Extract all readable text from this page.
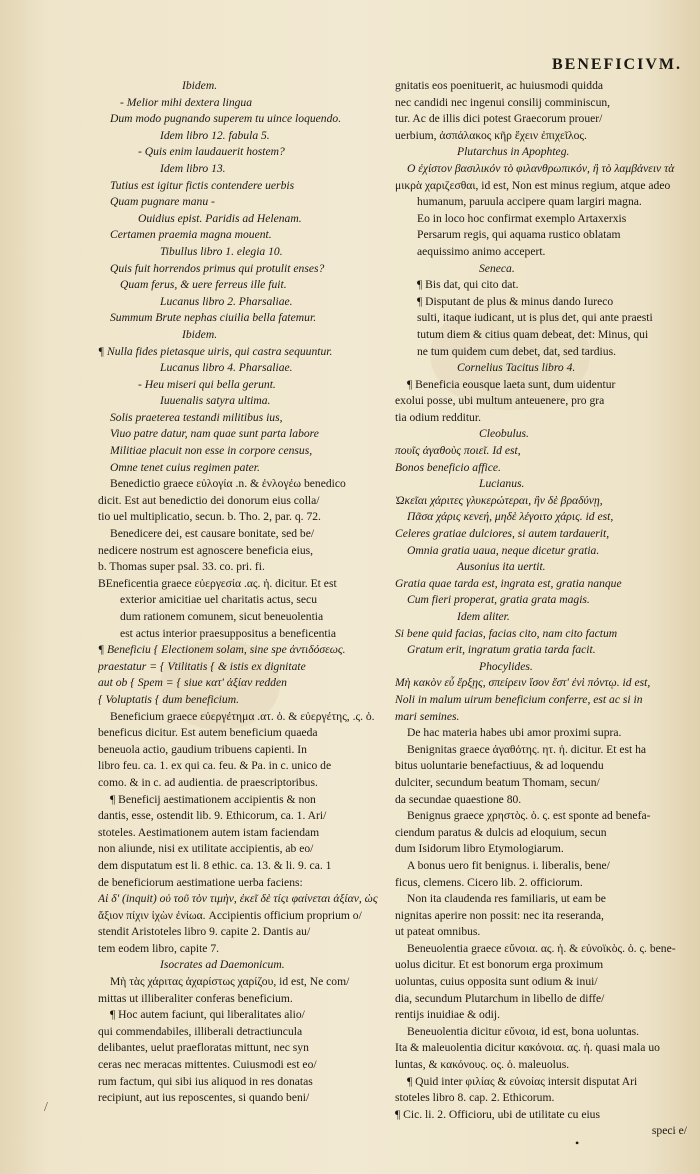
BENEFICIVM.
Ibidem.
- Melior mihi dextera lingua
Dum modo pugnando superem tu uince loquendo.
Idem libro 12. fabula 5.
- Quis enim laudauerit hostem?
Idem libro 13.
Tutius est igitur fictis contendere uerbis
Quam pugnare manu -
Ouidius epist. Paridis ad Helenam.
Certamen praemia magna mouent.
Tibullus libro 1. elegia 10.
Quis fuit horrendos primus qui protulit enses?
Quam ferus, & uere ferreus ille fuit.
Lucanus libro 2. Pharsaliae.
Summum Brute nephas ciuilia bella fatemur.
Ibidem.
¶ Nulla fides pietasque uiris, qui castra sequuntur.
Lucanus libro 4. Pharsaliae.
- Heu miseri qui bella gerunt.
Iuuenalis satyra ultima.
Solis praeterea testandi militibus ius,
Viuo patre datur, nam quae sunt parta labore
Militiae placuit non esse in corpore census,
Omne tenet cuius regimen pater.
Benedictio graece εὐλογία .n. & ἐνλογέω benedico
dicit. Est aut benedictio dei donorum eius colla/
tio uel multiplicatio, secun. b. Tho. 2, par. q. 72.
Benedicere dei, est causare bonitate, sed be/
nedicere nostrum est agnoscere beneficia eius,
b. Thomas super psal. 33. co. pri. fi.
BEneficentia graece εὐεργεσία .ας. ἡ. dicitur. Et est
exterior amicitiae uel charitatis actus, secu
dum rationem comunem, sicut beneuolentia
est actus interior praesuppositus a beneficentia
¶ Beneficiu { Electionem solam, sine spe ἀντιδόσεως.
praestatur = { Vtilitatis { & istis ex dignitate
aut ob { Spem = { siue κατ' ἀξίαν redden
{ Voluptatis { dum beneficium.
Beneficium graece εὐεργέτημα .ατ. ὁ. & εὐεργέτης, .ς. ὁ.
beneficus dicitur. Est autem beneficium quaeda
beneuola actio, gaudium tribuens capienti. In
libro feu. ca. 1. ex qui ca. feu. & Pa. in c. unico de
como. & in c. ad audientia. de praescriptoribus.
¶ Beneficij aestimationem accipientis & non
dantis, esse, ostendit lib. 9. Ethicorum, ca. 1. Ari/
stoteles. Aestimationem autem istam faciendam
non aliunde, nisi ex utilitate accipientis, ab eo/
dem disputatum est li. 8 ethic. ca. 13. & li. 9. ca. 1
de beneficiorum aestimatione uerba faciens:
Αἱ δ' (inquit) οὐ τοῦ τὸν τιμὴν, ἐκεῖ δὲ τίςι φαίνεται ἀξίαν, ὡς
ἄξιον πίχιν ἰχὼν ἐνίωα. Accipientis officium proprium o/
stendit Aristoteles libro 9. capite 2. Dantis au/
tem eodem libro, capite 7.
Isocrates ad Daemonicum.
Μὴ τὰς χάριτας ἀχαρίστως χαρίζου, id est, Ne com/
mittas ut illiberaliter conferas beneficium.
¶ Hoc autem faciunt, qui liberalitates alio/
qui commendabiles, illiberali detractiuncula
delibantes, uelut praefloratas mittunt, nec syn
ceras nec meracas mittentes. Cuiusmodi est eo/
rum factum, qui sibi ius aliquod in res donatas
recipiunt, aut ius reposcentes, si quando beni/
gnitatis eos poenituerit, ac huiusmodi quidda
nec candidi nec ingenui consilij comminiscun,
tur. Ac de illis dici potest Graecorum prouer/
uerbium, ἀσπάλακος κῆρ ἔχειν ἐπιχεῖλος.
Plutarchus in Apophteg.
Ο ἐχίστον βασιλικόν τὸ φιλανθρωπικόν, ἢ τὸ λαμβάνειν τὰ
μικρὰ χαριζεσθαι, id est, Non est minus regium, atque adeo
humanum, paruula accipere quam largiri magna.
Eo in loco hoc confirmat exemplo Artaxerxis
Persarum regis, qui aquama rustico oblatam
aequissimo animo accepert.
Seneca.
¶ Bis dat, qui cito dat.
¶ Disputant de plus & minus dando Iureco
sulti, itaque iudicant, ut is plus det, qui ante praesti
tutum diem & citius quam debeat, det: Minus, qui
ne tum quidem cum debet, dat, sed tardius.
Cornelius Tacitus libro 4.
¶ Beneficia eousque laeta sunt, dum uidentur
exolui posse, ubi multum anteuenere, pro gra
tia odium redditur.
Cleobulus.
πουῖς ἀγαθοὺς ποιεῖ. Id est,
Bonos beneficio affice.
Lucianus.
Ὠκεῖαι χάριτες γλυκερώτεραι, ἢν δὲ βραδύνῃ,
Πᾶσα χάρις κενεή, μηδὲ λέγοιτο χάρις. id est,
Celeres gratiae dulciores, si autem tardauerit,
Omnia gratia uaua, neque dicetur gratia.
Ausonius ita uertit.
Gratia quae tarda est, ingrata est, gratia nanque
Cum fieri properat, gratia grata magis.
Idem aliter.
Si bene quid facias, facias cito, nam cito factum
Gratum erit, ingratum gratia tarda facit.
Phocylides.
Μὴ κακὸν εὖ ἔρξῃς, σπείρειν ἴσον ἔστ' ἐνὶ πόντῳ. id est,
Noli in malum uirum beneficium conferre, est ac si in
mari semines.
De hac materia habes ubi amor proximi supra.
Benignitas graece ἀγαθότης. ητ. ἡ. dicitur. Et est ha
bitus uoluntarie benefactiuus, & ad loquendu
dulciter, secundum beatum Thomam, secun/
da secundae quaestione 80.
Benignus graece χρηστὸς. ὁ. ς. est sponte ad benefa-
ciendum paratus & dulcis ad eloquium, secun
dum Isidorum libro Etymologiarum.
A bonus uero fit benignus. i. liberalis, bene/
ficus, clemens. Cicero lib. 2. officiorum.
Non ita claudenda res familiaris, ut eam be
nignitas aperire non possit: nec ita reseranda,
ut pateat omnibus.
Beneuolentia graece εὔνοια. ας. ἡ. & εὐνοϊκὸς. ὁ. ς. bene-
uolus dicitur. Et est bonorum erga proximum
uoluntas, cuius opposita sunt odium & inui/
dia, secundum Plutarchum in libello de diffe/
rentijs inuidiae & odij.
Beneuolentia dicitur εὔνοια, id est, bona uoluntas.
Ita & maleuolentia dicitur κακόνοια. ας. ἡ. quasi mala uo
luntas, & κακόνους. ος. ὁ. maleuolus.
¶ Quid inter φιλίας & εὐνοίας intersit disputat Ari
stoteles libro 8. cap. 2. Ethicorum.
¶ Cic. li. 2. Officioru, ubi de utilitate cu eius
speci e/
•
/
